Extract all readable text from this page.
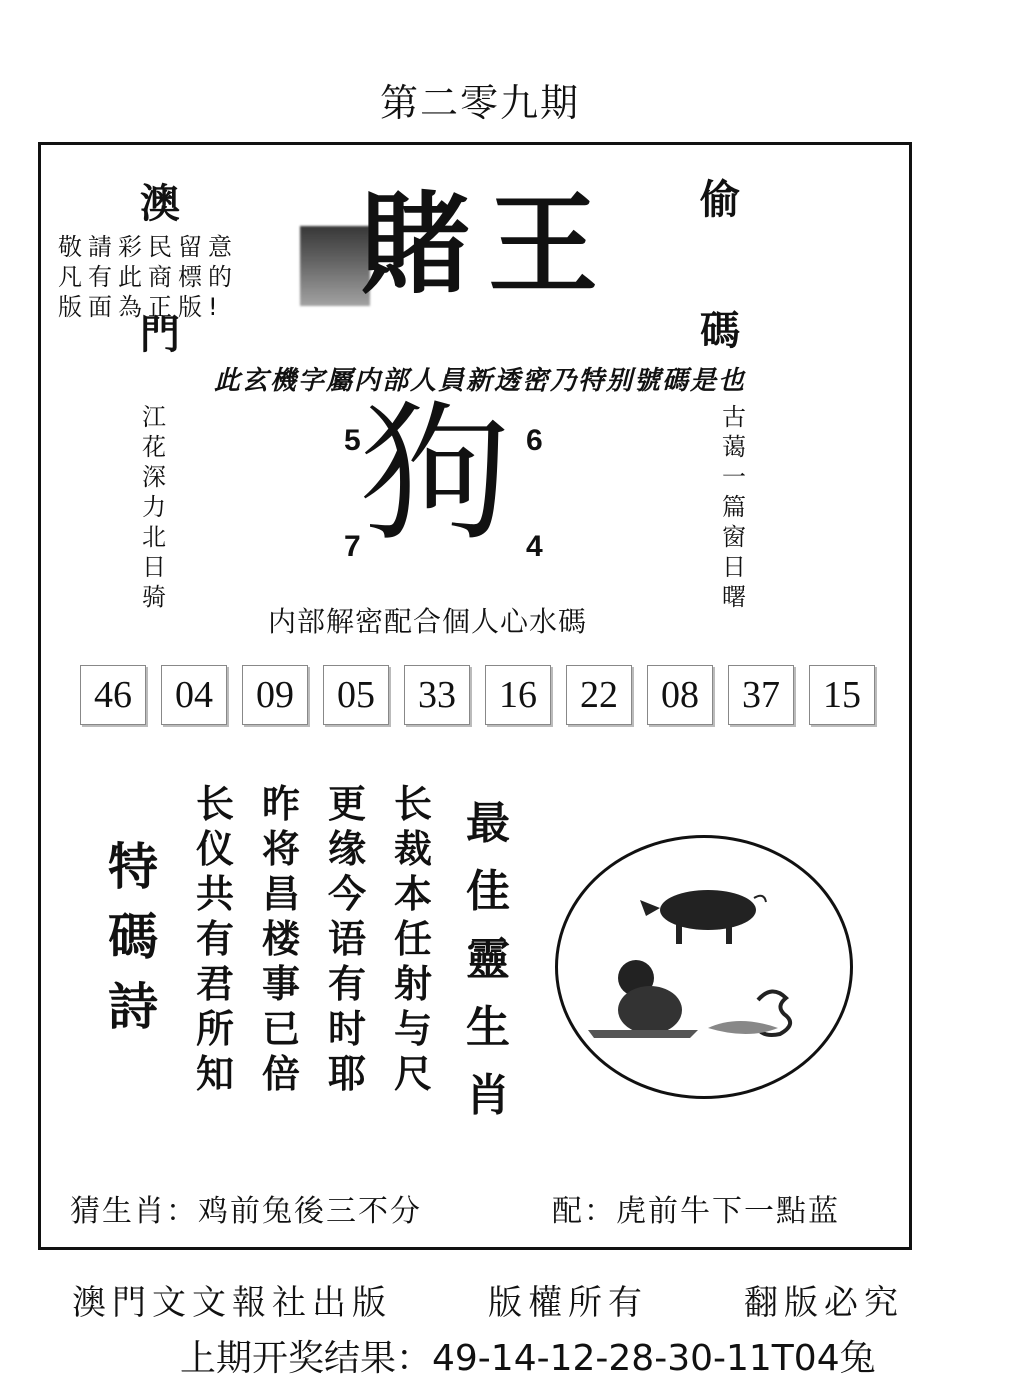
第二零九期
澳
門
偷
碼
敬請彩民留意
凡有此商標的
版面為正版! 賭王
此玄機字屬内部人員新透密乃特别號碼是也
江
花
深
力
北
日
骑
古
蔼
一
篇
窗
日
曙
5	6
7	4
狗
内部解密配合個人心水碼
46	04	09	05	33	16	22	08	37	15
特
碼
詩
长
仪
共
有
君
所
知
昨
将
昌
楼
事
已
倍
更
缘
今
语
有
时
耶
长
裁
本
任
射
与
尺
最
佳
靈
生
肖
猜生肖：鸡前兔後三不分	配：虎前牛下一點蓝
澳門文文報社出版	版權所有	翻版必究
上期开奖结果：49-14-12-28-30-11T04兔
